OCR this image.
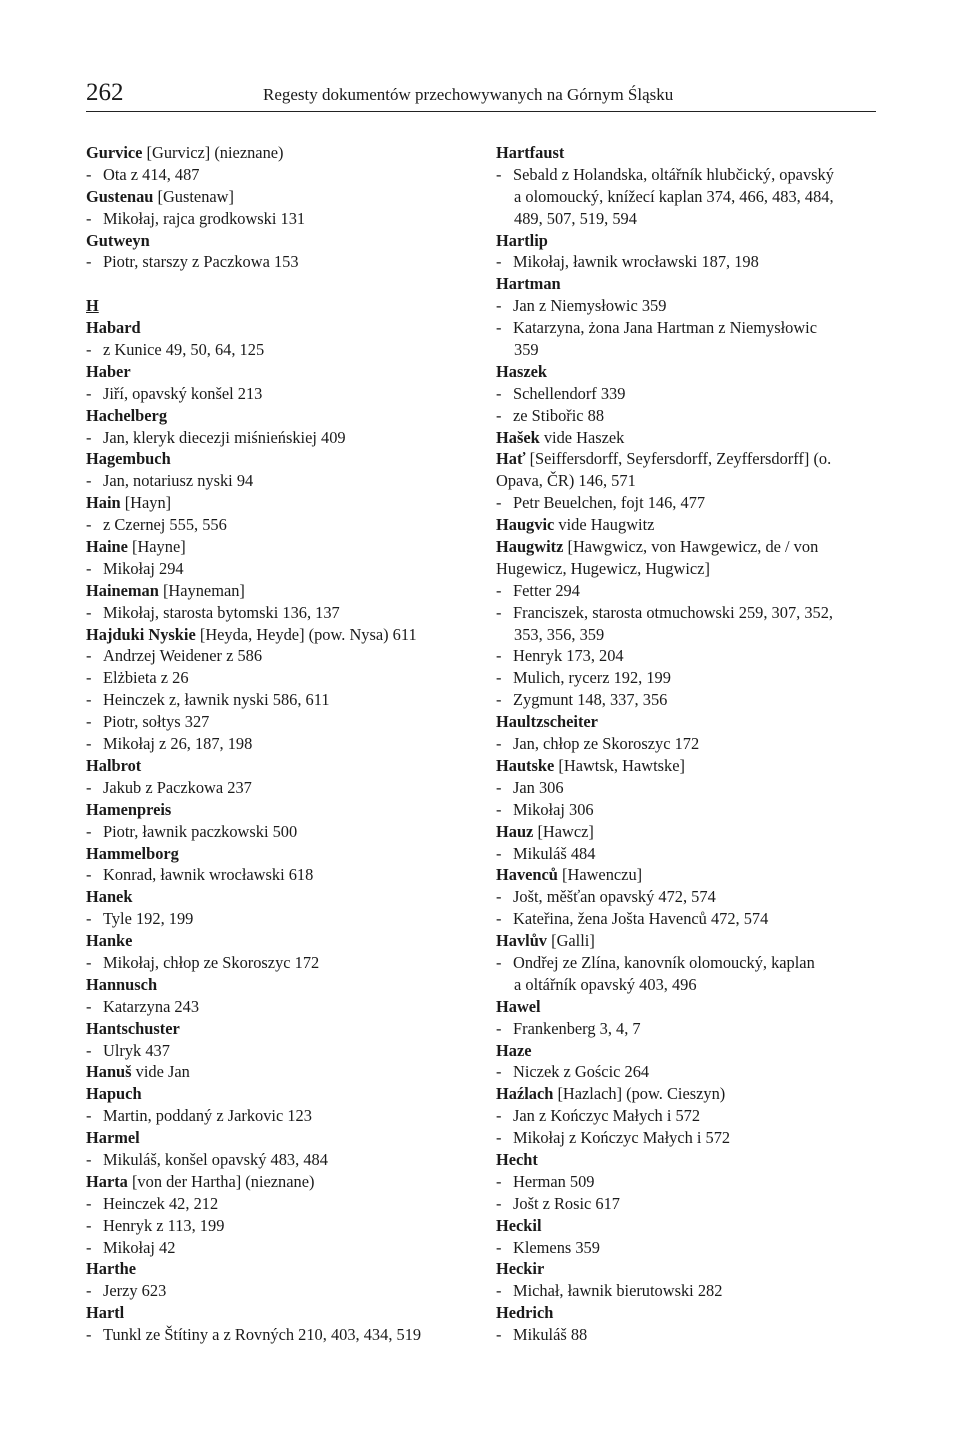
262	Regesty dokumentów przechowywanych na Górnym Śląsku
Gurvice [Gurvicz] (nieznane)
- Ota z 414, 487
Gustenau [Gustenaw]
- Mikołaj, rajca grodkowski 131
Gutweyn
- Piotr, starszy z Paczkowa 153
H
Habard
- z Kunice 49, 50, 64, 125
Haber
- Jiří, opavský konšel 213
Hachelberg
- Jan, kleryk diecezji miśnieńskiej 409
Hagembuch
- Jan, notariusz nyski 94
Hain [Hayn]
- z Czernej 555, 556
Haine [Hayne]
- Mikołaj 294
Haineman [Hayneman]
- Mikołaj, starosta bytomski 136, 137
Hajduki Nyskie [Heyda, Heyde] (pow. Nysa) 611
- Andrzej Weidener z 586
- Elżbieta z 26
- Heinczek z, ławnik nyski 586, 611
- Piotr, sołtys 327
- Mikołaj z 26, 187, 198
Halbrot
- Jakub z Paczkowa 237
Hamenpreis
- Piotr, ławnik paczkowski 500
Hammelborg
- Konrad, ławnik wrocławski 618
Hanek
- Tyle 192, 199
Hanke
- Mikołaj, chłop ze Skoroszyc 172
Hannusch
- Katarzyna 243
Hantschuster
- Ulryk 437
Hanuš vide Jan
Hapuch
- Martin, poddaný z Jarkovic 123
Harmel
- Mikuláš, konšel opavský 483, 484
Harta [von der Hartha] (nieznane)
- Heinczek 42, 212
- Henryk z 113, 199
- Mikołaj 42
Harthe
- Jerzy 623
Hartl
- Tunkl ze Štítiny a z Rovných 210, 403, 434, 519
Hartfaust
- Sebald z Holandska, oltářník hlubčický, opavský
a olomoucký, knížecí kaplan 374, 466, 483, 484,
489, 507, 519, 594
Hartlip
- Mikołaj, ławnik wrocławski 187, 198
Hartman
- Jan z Niemysłowic 359
- Katarzyna, żona Jana Hartman z Niemysłowic
359
Haszek
- Schellendorf 339
- ze Stibořic 88
Hašek vide Haszek
Hať [Seiffersdorff, Seyfersdorff, Zeyffersdorff] (o.
Opava, ČR) 146, 571
- Petr Beuelchen, fojt 146, 477
Haugvic vide Haugwitz
Haugwitz [Hawgwicz, von Hawgewicz, de / von
Hugewicz, Hugewicz, Hugwicz]
- Fetter 294
- Franciszek, starosta otmuchowski 259, 307, 352,
353, 356, 359
- Henryk 173, 204
- Mulich, rycerz 192, 199
- Zygmunt 148, 337, 356
Haultzscheiter
- Jan, chłop ze Skoroszyc 172
Hautske [Hawtsk, Hawtske]
- Jan 306
- Mikołaj 306
Hauz [Hawcz]
- Mikuláš 484
Havenců [Hawenczu]
- Jošt, měšťan opavský 472, 574
- Kateřina, žena Jošta Havenců 472, 574
Havlův [Galli]
- Ondřej ze Zlína, kanovník olomoucký, kaplan
a oltářník opavský 403, 496
Hawel
- Frankenberg 3, 4, 7
Haze
- Niczek z Gościc 264
Haźlach [Hazlach] (pow. Cieszyn)
- Jan z Kończyc Małych i 572
- Mikołaj z Kończyc Małych i 572
Hecht
- Herman 509
- Jošt z Rosic 617
Heckil
- Klemens 359
Heckir
- Michał, ławnik bierutowski 282
Hedrich
- Mikuláš 88
